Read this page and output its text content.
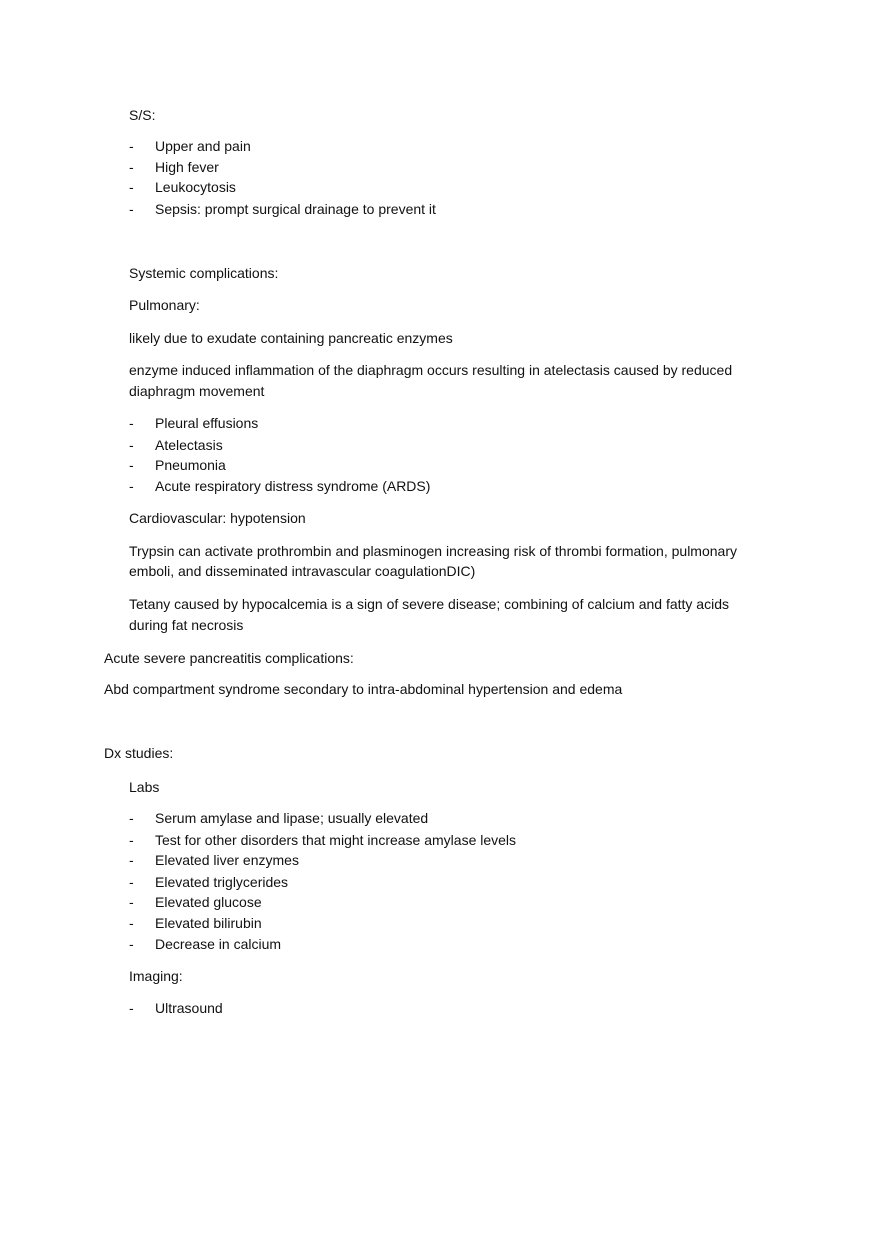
S/S:
- Upper and pain
- High fever
- Leukocytosis
- Sepsis: prompt surgical drainage to prevent it
Systemic complications:
Pulmonary:
likely due to exudate containing pancreatic enzymes
enzyme induced inflammation of the diaphragm occurs resulting in atelectasis caused by reduced
diaphragm movement
- Pleural effusions
- Atelectasis
- Pneumonia
- Acute respiratory distress syndrome (ARDS)
Cardiovascular: hypotension
Trypsin can activate prothrombin and plasminogen increasing risk of thrombi formation, pulmonary
emboli, and disseminated intravascular coagulationDIC)
Tetany caused by hypocalcemia is a sign of severe disease; combining of calcium and fatty acids
during fat necrosis
Acute severe pancreatitis complications:
Abd compartment syndrome secondary to intra-abdominal hypertension and edema
Dx studies:
Labs
- Serum amylase and lipase; usually elevated
- Test for other disorders that might increase amylase levels
- Elevated liver enzymes
- Elevated triglycerides
- Elevated glucose
- Elevated bilirubin
- Decrease in calcium
Imaging:
- Ultrasound
